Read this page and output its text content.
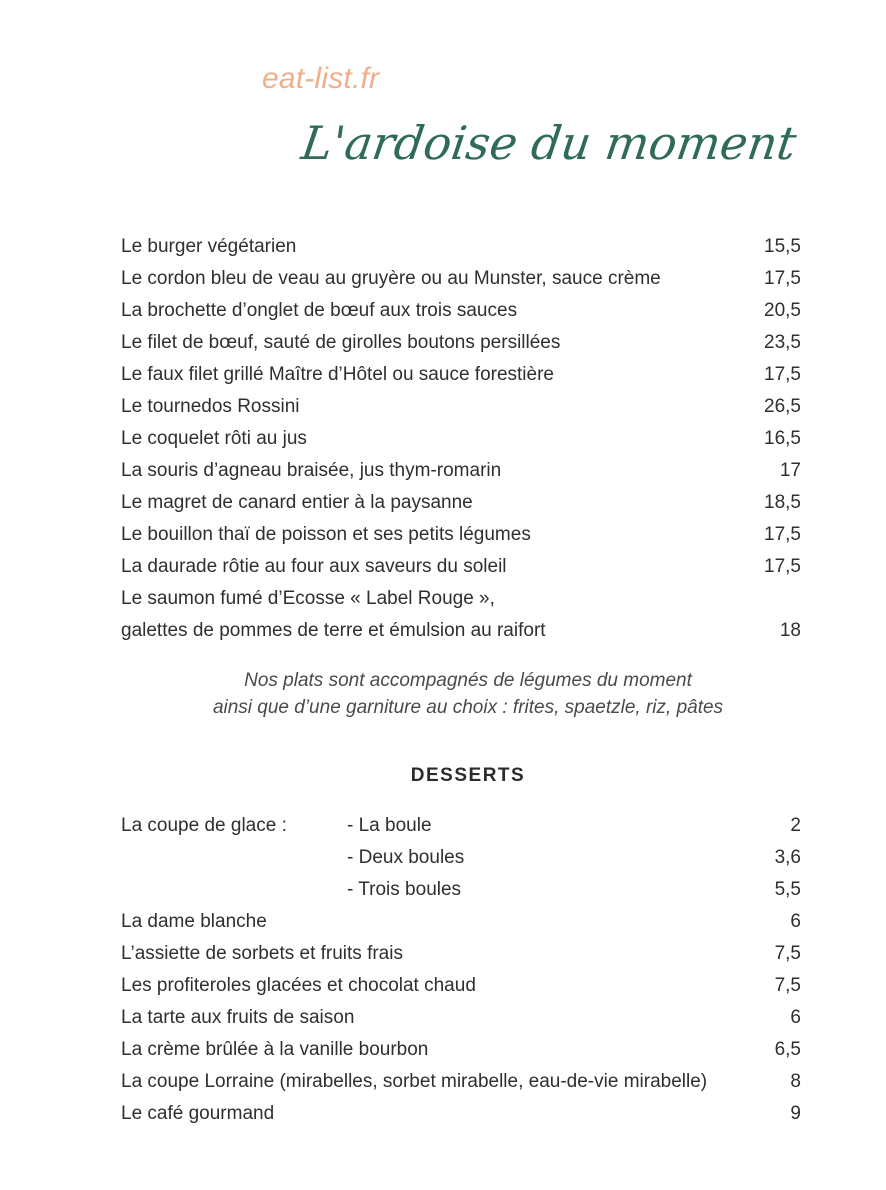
eat-list.fr
L'ardoise du moment
Le burger végétarien	15,5
Le cordon bleu de veau au gruyère ou au Munster, sauce crème	17,5
La brochette d’onglet de bœuf aux trois sauces	20,5
Le filet de bœuf, sauté de girolles boutons persillées	23,5
Le faux filet grillé Maître d’Hôtel ou sauce forestière	17,5
Le tournedos Rossini	26,5
Le coquelet rôti au jus	16,5
La souris d’agneau braisée, jus thym-romarin	17
Le magret de canard entier à la paysanne	18,5
Le bouillon thaï de poisson et ses petits légumes	17,5
La daurade rôtie au four aux saveurs du soleil	17,5
Le saumon fumé d’Ecosse « Label Rouge »,
galettes de pommes de terre et émulsion au raifort	18
Nos plats sont accompagnés de légumes du moment
ainsi que d’une garniture au choix : frites, spaetzle, riz, pâtes
DESSERTS
La coupe de glace :	- La boule	2
- Deux boules	3,6
- Trois boules	5,5
La dame blanche	6
L’assiette de sorbets et fruits frais	7,5
Les profiteroles glacées et chocolat chaud	7,5
La tarte aux fruits de saison	6
La crème brûlée à la vanille bourbon	6,5
La coupe Lorraine (mirabelles, sorbet mirabelle, eau-de-vie mirabelle)	8
Le café gourmand	9
